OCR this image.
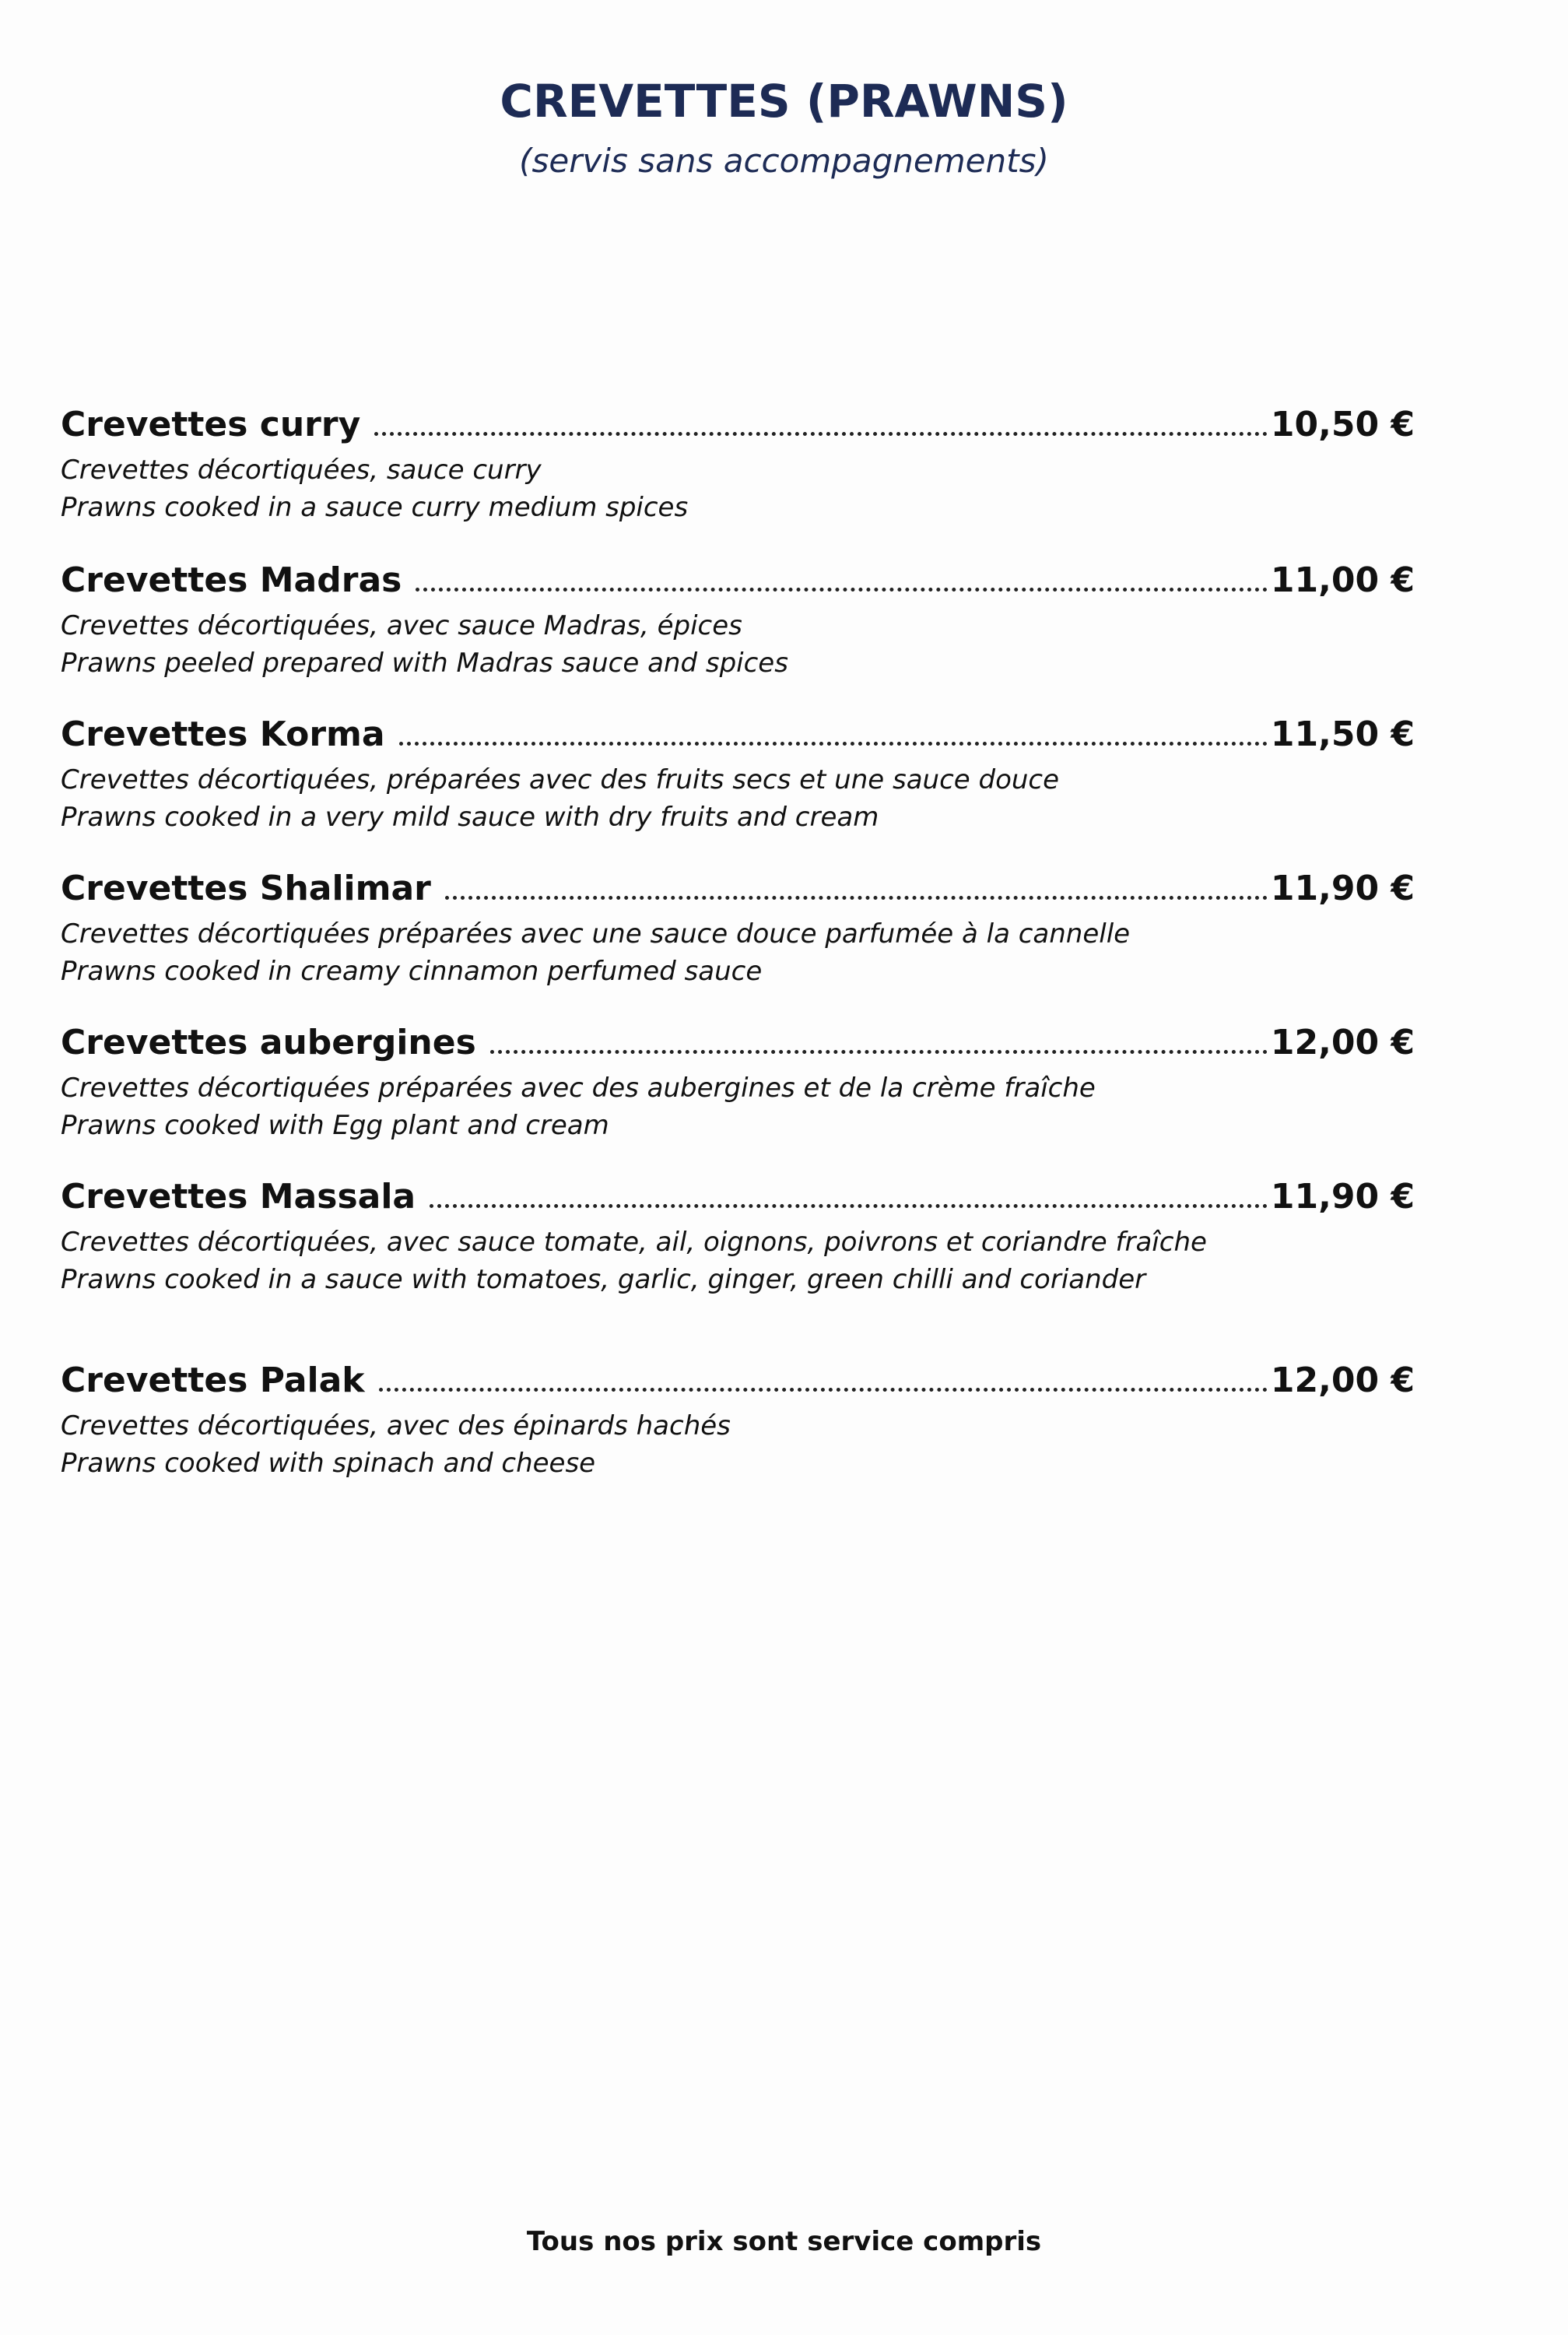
CREVETTES (PRAWNS)
(servis sans accompagnements)
Crevettes curry	10,50 €
Crevettes décortiquées, sauce curry
Prawns cooked in a sauce curry medium spices
Crevettes Madras	11,00 €
Crevettes décortiquées, avec sauce Madras, épices
Prawns peeled prepared with Madras sauce and spices
Crevettes Korma	11,50 €
Crevettes décortiquées, préparées avec des fruits secs et une sauce douce
Prawns cooked in a very mild sauce with dry fruits and cream
Crevettes Shalimar	11,90 €
Crevettes décortiquées préparées avec une sauce douce parfumée à la cannelle
Prawns cooked in creamy cinnamon perfumed sauce
Crevettes aubergines	12,00 €
Crevettes décortiquées préparées avec des aubergines et de la crème fraîche
Prawns cooked with Egg plant and cream
Crevettes Massala	11,90 €
Crevettes décortiquées, avec sauce tomate, ail, oignons, poivrons et coriandre fraîche
Prawns cooked in a sauce with tomatoes, garlic, ginger, green chilli and coriander
Crevettes Palak	12,00 €
Crevettes décortiquées, avec des épinards hachés
Prawns cooked with spinach and cheese
Tous nos prix sont service compris
